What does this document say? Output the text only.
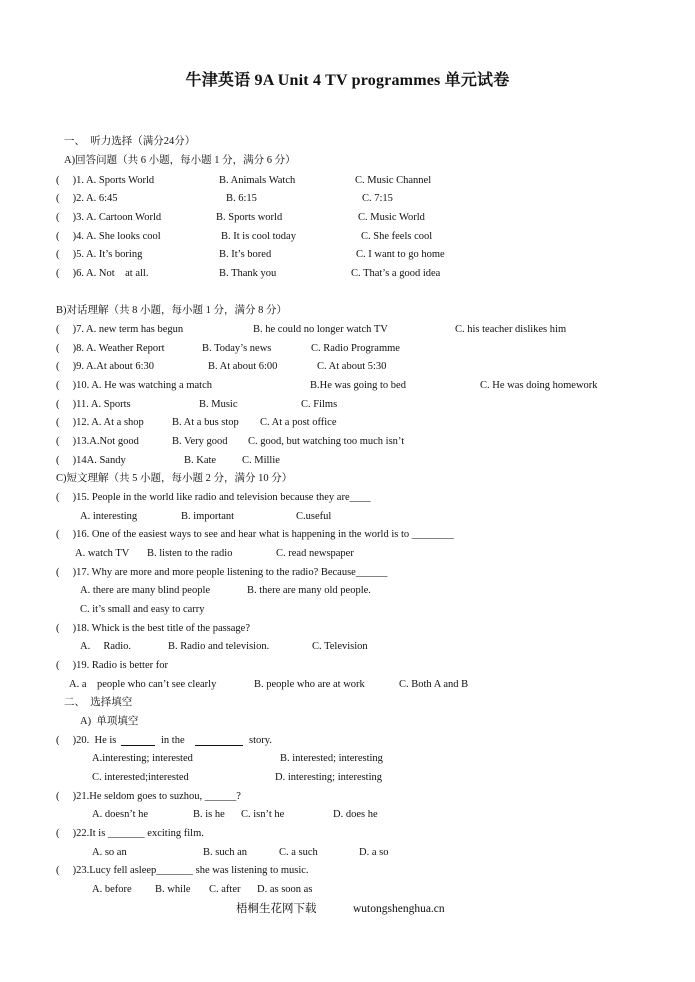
牛津英语 9A Unit 4 TV programmes 单元试卷
一、  听力选择（满分24分）
A)回答问题（共 6 小题，每小题 1 分，满分 6 分）
(     )1. A. Sports World	B. Animals Watch	C. Music Channel
(     )2. A. 6:45	B. 6:15	C. 7:15
(     )3. A. Cartoon World	B. Sports world	C. Music World
(     )4. A. She looks cool	B. It is cool today	C. She feels cool
(     )5. A. It’s boring	B. It’s bored	C. I want to go home
(     )6. A. Not    at all.	B. Thank you	C. That’s a good idea
B)对话理解（共 8 小题，每小题 1 分，满分 8 分）
(     )7. A. new term has begun	B. he could no longer watch TV	C. his teacher dislikes him
(     )8. A. Weather Report	B. Today’s news	C. Radio Programme
(     )9. A.At about 6:30	B. At about 6:00	C. At about 5:30
(     )10. A. He was watching a match	B.He was going to bed	C. He was doing homework
(     )11. A. Sports	B. Music	C. Films
(     )12. A. At a shop	B. At a bus stop C. At a post office
(     )13.A.Not good	B. Very good C. good, but watching too much isn’t
(     )14A. Sandy	B. Kate C. Millie
C)短文理解（共 5 小题，每小题 2 分，满分 10 分）
(     )15. People in the world like radio and television because they are____
A. interesting	B. important	C.useful
(     )16. One of the easiest ways to see and hear what is happening in the world is to ________
A. watch TV B. listen to the radio	C. read newspaper
(     )17. Why are more and more people listening to the radio? Because______
A. there are many blind people	B. there are many old people.
C. it’s small and easy to carry
(     )18. Whick is the best title of the passage?
A.     Radio.	B. Radio and television.	C. Television
(     )19. Radio is better for
A. a    people who can’t see clearly	B. people who are at work	C. Both A and B
二、  选择填空
A)  单项填空
(     )20.  He is	in the	story.
A.interesting; interested	B. interested; interesting
C. interested;interested	D. interesting; interesting
(     )21.He seldom goes to suzhou, ______?
A. doesn’t he	B. is he C. isn’t he	D. does he
(     )22.It is _______ exciting film.
A. so an	B. such an	C. a such	D. a so
(     )23.Lucy fell asleep_______ she was listening to music.
A. before B. while C. after D. as soon as
梧桐生花网下载	wutongshenghua.cn
